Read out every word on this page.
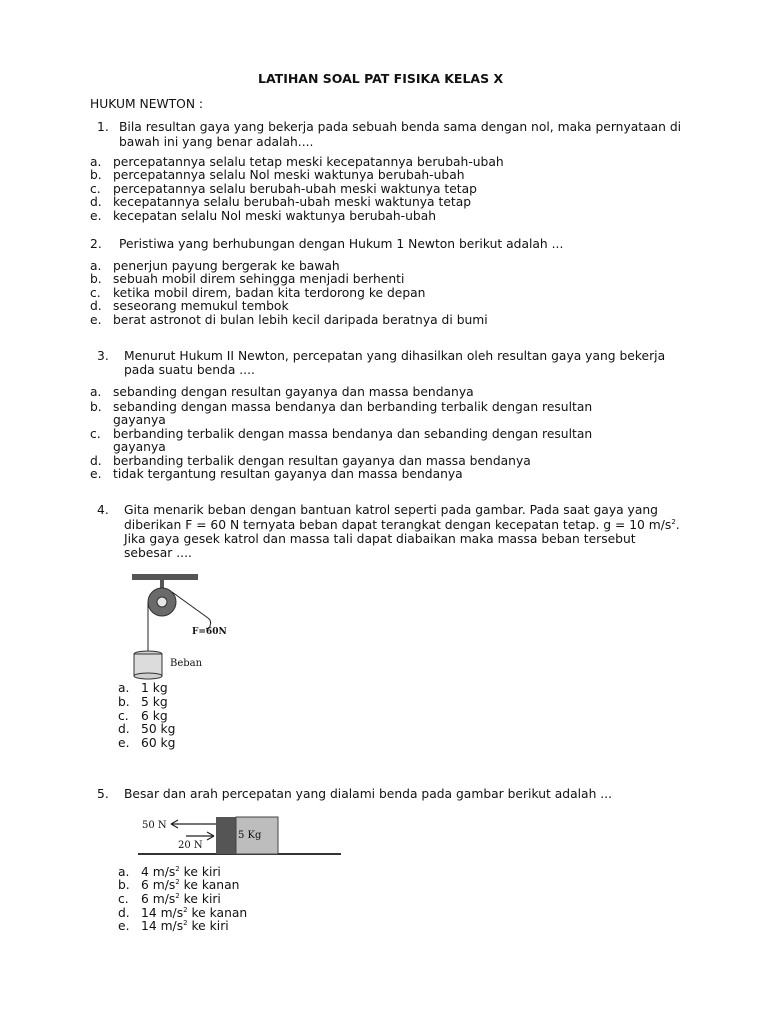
LATIHAN SOAL PAT FISIKA KELAS X
HUKUM NEWTON :
1. Bila resultan gaya yang bekerja pada sebuah benda sama dengan nol, maka pernyataan di
bawah ini yang benar adalah....
a. percepatannya selalu tetap meski kecepatannya berubah-ubah
b. percepatannya selalu Nol meski waktunya berubah-ubah
c. percepatannya selalu berubah-ubah meski waktunya tetap
d. kecepatannya selalu berubah-ubah meski waktunya tetap
e. kecepatan selalu Nol meski waktunya berubah-ubah
2. Peristiwa yang berhubungan dengan Hukum 1 Newton berikut adalah ...
a. penerjun payung bergerak ke bawah
b. sebuah mobil direm sehingga menjadi berhenti
c. ketika mobil direm, badan kita terdorong ke depan
d. seseorang memukul tembok
e. berat astronot di bulan lebih kecil daripada beratnya di bumi
3. Menurut Hukum II Newton, percepatan yang dihasilkan oleh resultan gaya yang bekerja
pada suatu benda ....
a. sebanding dengan resultan gayanya dan massa bendanya
b. sebanding dengan massa bendanya dan berbanding terbalik dengan resultan
gayanya
c. berbanding terbalik dengan massa bendanya dan sebanding dengan resultan
gayanya
d. berbanding terbalik dengan resultan gayanya dan massa bendanya
e. tidak tergantung resultan gayanya dan massa bendanya
4. Gita menarik beban dengan bantuan katrol seperti pada gambar. Pada saat gaya yang
diberikan F = 60 N ternyata beban dapat terangkat dengan kecepatan tetap. g = 10 $m/s^2$.
Jika gaya gesek katrol dan massa tali dapat diabaikan maka massa beban tersebut
sebesar ....
F=60N
Beban
a. 1 kg
b. 5 kg
c. 6 kg
d. 50 kg
e. 60 kg
5. Besar dan arah percepatan yang dialami benda pada gambar berikut adalah ...
5 Kg
50 N
20 N
a. 4 $m/s^2$ ke kiri
b. 6 $m/s^2$ ke kanan
c. 6 $m/s^2$ ke kiri
d. 14 $m/s^2$ ke kanan
e. 14 $m/s^2$ ke kiri
